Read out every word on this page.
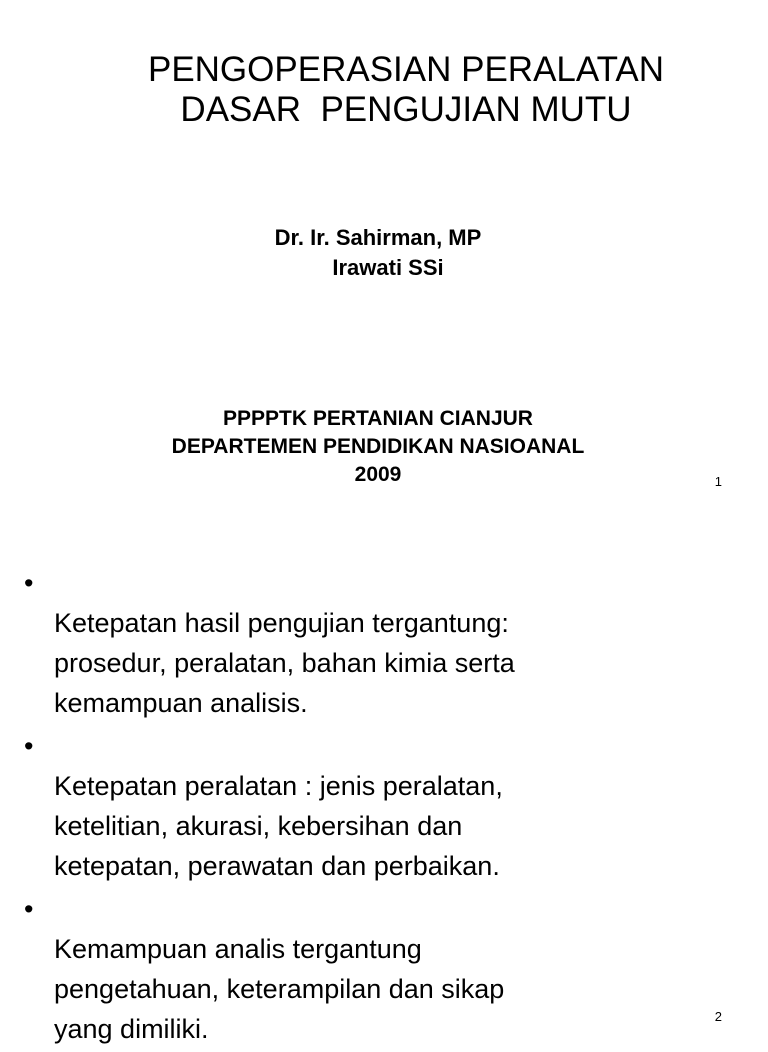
PENGOPERASIAN PERALATAN
DASAR  PENGUJIAN MUTU
Dr. Ir. Sahirman, MP
Irawati SSi
PPPPTK PERTANIAN CIANJUR
DEPARTEMEN PENDIDIKAN NASIOANAL
2009	1

•
Ketepatan hasil pengujian tergantung:
prosedur, peralatan, bahan kimia serta
kemampuan analisis.

•
Ketepatan peralatan : jenis peralatan,
ketelitian, akurasi, kebersihan dan
ketepatan, perawatan dan perbaikan.

•
Kemampuan analis tergantung
pengetahuan, keterampilan dan sikap
yang dimiliki.	2
